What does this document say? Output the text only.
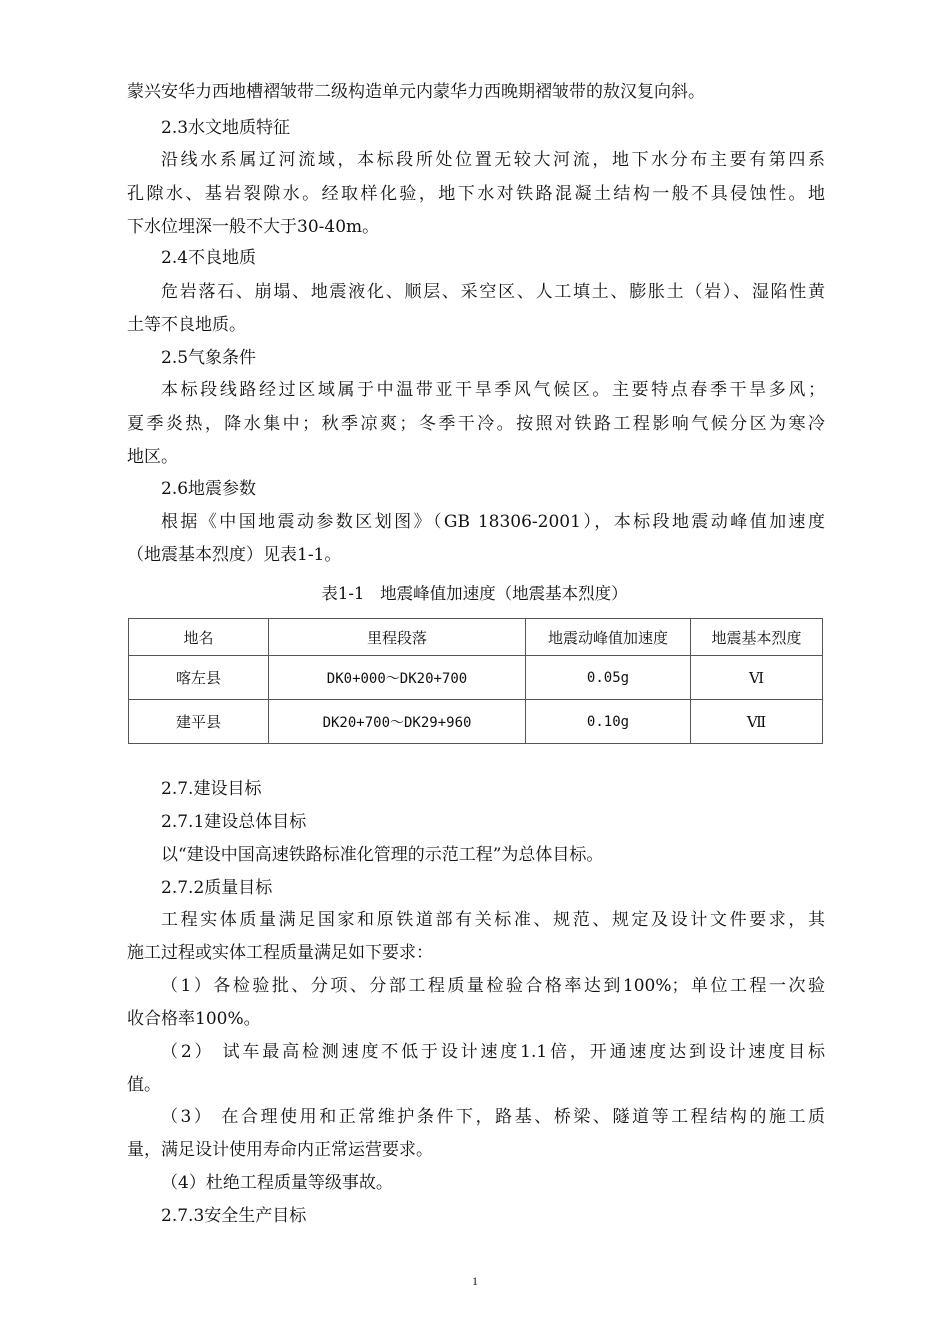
蒙兴安华力西地槽褶皱带二级构造单元内蒙华力西晚期褶皱带的敖汉复向斜。
2.3水文地质特征
沿线水系属辽河流域，本标段所处位置无较大河流，地下水分布主要有第四系
孔隙水、基岩裂隙水。经取样化验，地下水对铁路混凝土结构一般不具侵蚀性。地
下水位埋深一般不大于30-40m。
2.4不良地质
危岩落石、崩塌、地震液化、顺层、采空区、人工填土、膨胀土（岩）、湿陷性黄
土等不良地质。
2.5气象条件
本标段线路经过区域属于中温带亚干旱季风气候区。主要特点春季干旱多风；
夏季炎热，降水集中；秋季凉爽；冬季干冷。按照对铁路工程影响气候分区为寒冷
地区。
2.6地震参数
根据《中国地震动参数区划图》（GB 18306-2001），本标段地震动峰值加速度
（地震基本烈度）见表1-1。
表1-1   地震峰值加速度（地震基本烈度）
地名	里程段落	地震动峰值加速度	地震基本烈度
喀左县	DK0+000～DK20+700	0.05g	Ⅵ
建平县	DK20+700～DK29+960	0.10g	Ⅶ
2.7.建设目标
2.7.1建设总体目标
以“建设中国高速铁路标准化管理的示范工程”为总体目标。
2.7.2质量目标
工程实体质量满足国家和原铁道部有关标准、规范、规定及设计文件要求，其
施工过程或实体工程质量满足如下要求：
（1）各检验批、分项、分部工程质量检验合格率达到100%；单位工程一次验
收合格率100%。
（2） 试车最高检测速度不低于设计速度1.1倍，开通速度达到设计速度目标
值。
（3） 在合理使用和正常维护条件下，路基、桥梁、隧道等工程结构的施工质
量，满足设计使用寿命内正常运营要求。
（4）杜绝工程质量等级事故。
2.7.3安全生产目标
1
